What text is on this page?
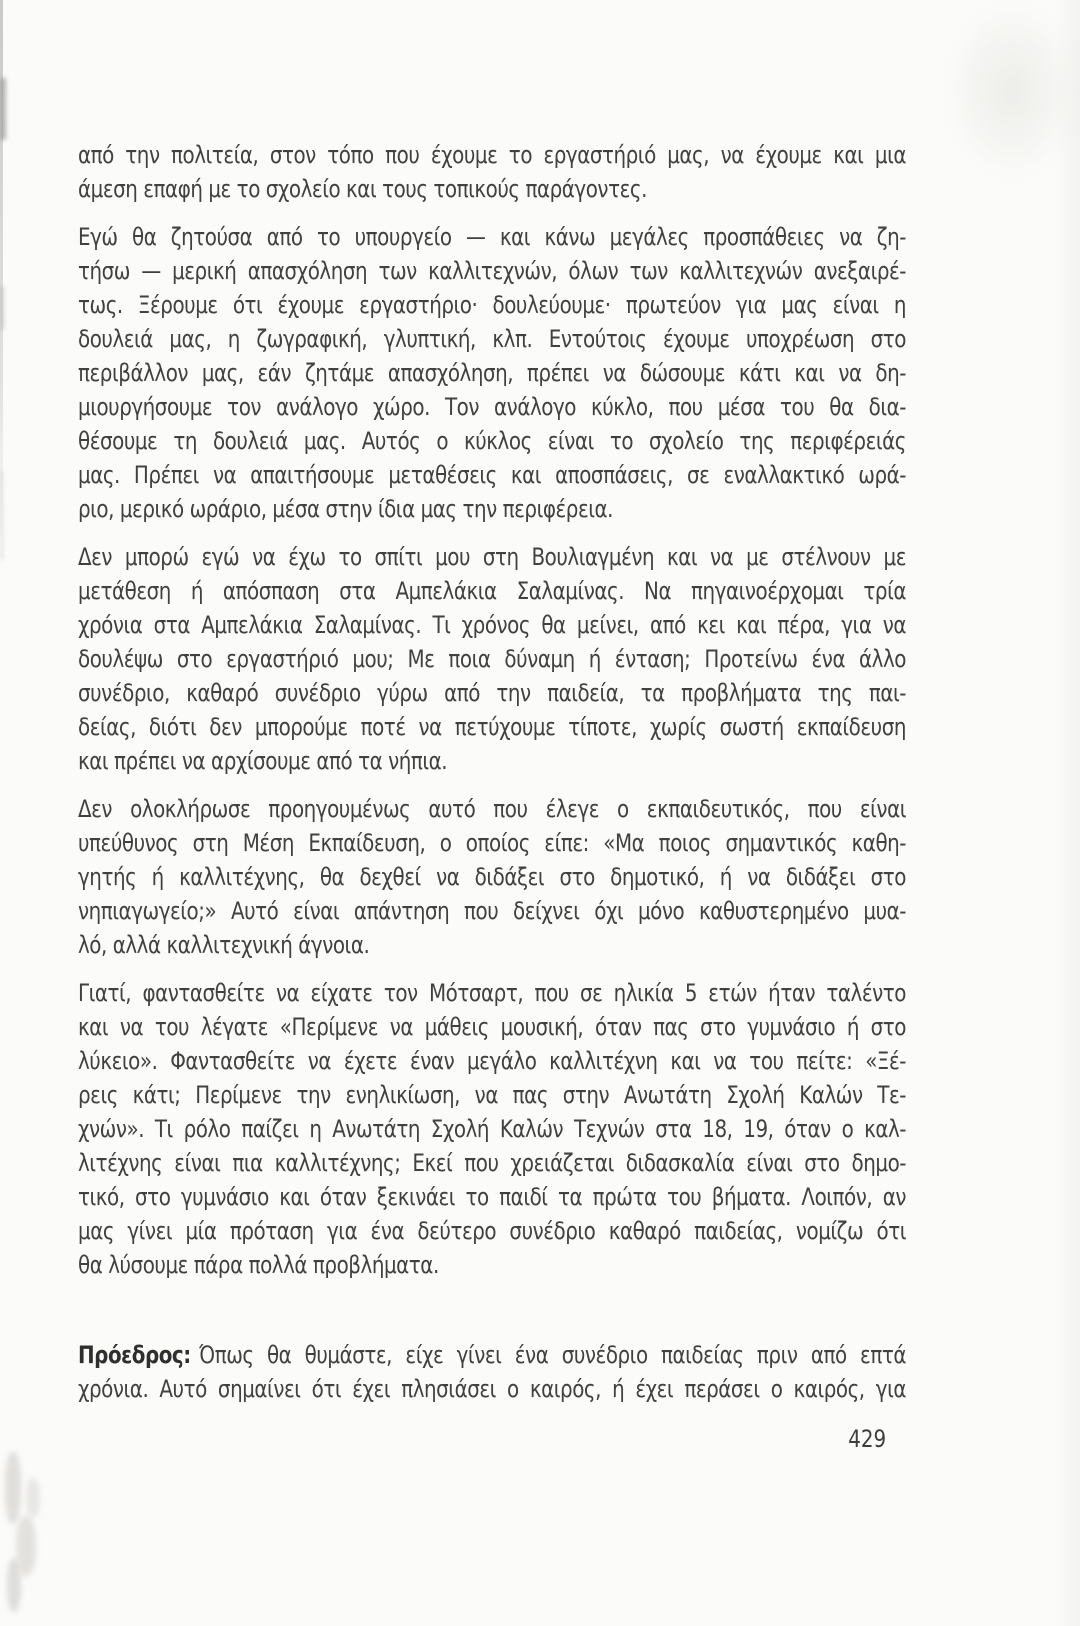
από την πολιτεία, στον τόπο που έχουμε το εργαστήριό μας, να έχουμε και μια
άμεση επαφή με το σχολείο και τους τοπικούς παράγοντες.
Εγώ θα ζητούσα από το υπουργείο — και κάνω μεγάλες προσπάθειες να ζη-
τήσω — μερική απασχόληση των καλλιτεχνών, όλων των καλλιτεχνών ανεξαιρέ-
τως. Ξέρουμε ότι έχουμε εργαστήριο· δουλεύουμε· πρωτεύον για μας είναι η
δουλειά μας, η ζωγραφική, γλυπτική, κλπ. Εντούτοις έχουμε υποχρέωση στο
περιβάλλον μας, εάν ζητάμε απασχόληση, πρέπει να δώσουμε κάτι και να δη-
μιουργήσουμε τον ανάλογο χώρο. Τον ανάλογο κύκλο, που μέσα του θα δια-
θέσουμε τη δουλειά μας. Αυτός ο κύκλος είναι το σχολείο της περιφέρειάς
μας. Πρέπει να απαιτήσουμε μεταθέσεις και αποσπάσεις, σε εναλλακτικό ωρά-
ριο, μερικό ωράριο, μέσα στην ίδια μας την περιφέρεια.
Δεν μπορώ εγώ να έχω το σπίτι μου στη Βουλιαγμένη και να με στέλνουν με
μετάθεση ή απόσπαση στα Αμπελάκια Σαλαμίνας. Να πηγαινοέρχομαι τρία
χρόνια στα Αμπελάκια Σαλαμίνας. Τι χρόνος θα μείνει, από κει και πέρα, για να
δουλέψω στο εργαστήριό μου; Με ποια δύναμη ή ένταση; Προτείνω ένα άλλο
συνέδριο, καθαρό συνέδριο γύρω από την παιδεία, τα προβλήματα της παι-
δείας, διότι δεν μπορούμε ποτέ να πετύχουμε τίποτε, χωρίς σωστή εκπαίδευση
και πρέπει να αρχίσουμε από τα νήπια.
Δεν ολοκλήρωσε προηγουμένως αυτό που έλεγε ο εκπαιδευτικός, που είναι
υπεύθυνος στη Μέση Εκπαίδευση, ο οποίος είπε: «Μα ποιος σημαντικός καθη-
γητής ή καλλιτέχνης, θα δεχθεί να διδάξει στο δημοτικό, ή να διδάξει στο
νηπιαγωγείο;» Αυτό είναι απάντηση που δείχνει όχι μόνο καθυστερημένο μυα-
λό, αλλά καλλιτεχνική άγνοια.
Γιατί, φαντασθείτε να είχατε τον Μότσαρτ, που σε ηλικία 5 ετών ήταν ταλέντο
και να του λέγατε «Περίμενε να μάθεις μουσική, όταν πας στο γυμνάσιο ή στο
λύκειο». Φαντασθείτε να έχετε έναν μεγάλο καλλιτέχνη και να του πείτε: «Ξέ-
ρεις κάτι; Περίμενε την ενηλικίωση, να πας στην Ανωτάτη Σχολή Καλών Τε-
χνών». Τι ρόλο παίζει η Ανωτάτη Σχολή Καλών Τεχνών στα 18, 19, όταν ο καλ-
λιτέχνης είναι πια καλλιτέχνης; Εκεί που χρειάζεται διδασκαλία είναι στο δημο-
τικό, στο γυμνάσιο και όταν ξεκινάει το παιδί τα πρώτα του βήματα. Λοιπόν, αν
μας γίνει μία πρόταση για ένα δεύτερο συνέδριο καθαρό παιδείας, νομίζω ότι
θα λύσουμε πάρα πολλά προβλήματα.
Πρόεδρος: Όπως θα θυμάστε, είχε γίνει ένα συνέδριο παιδείας πριν από επτά
χρόνια. Αυτό σημαίνει ότι έχει πλησιάσει ο καιρός, ή έχει περάσει ο καιρός, για
429
